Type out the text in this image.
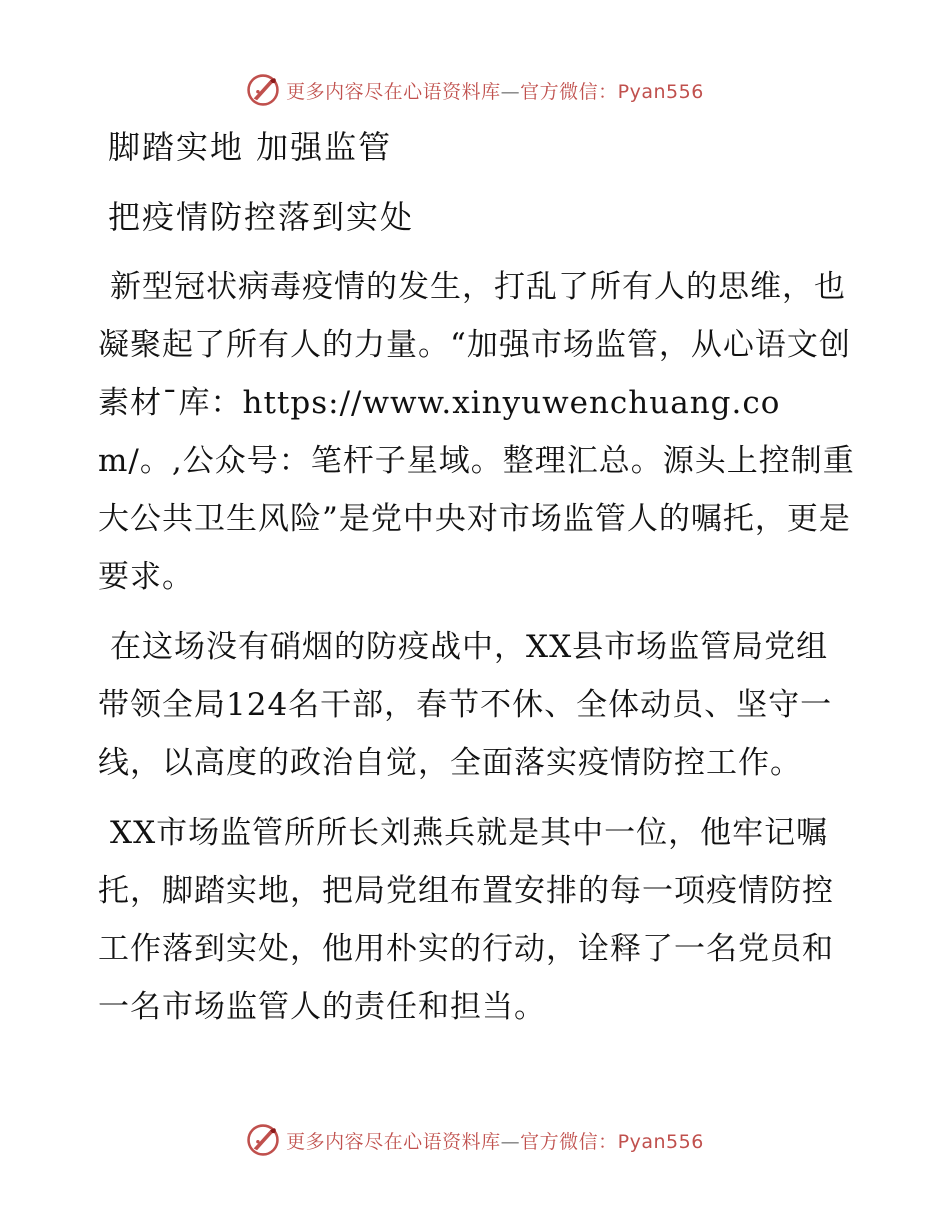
更多内容尽在心语资料库—官方微信：Pyan556

脚踏实地 加强监管

把疫情防控落到实处

新型冠状病毒疫情的发生，打乱了所有人的思维，也凝聚起了所有人的力量。“加强市场监管，从心语文创素材¯库：https://www.xinyuwenchuang.com/。,公众号：笔杆子星域。整理汇总。源头上控制重大公共卫生风险”是党中央对市场监管人的嘱托，更是要求。

在这场没有硝烟的防疫战中，XX县市场监管局党组带领全局124名干部，春节不休、全体动员、坚守一线，以高度的政治自觉，全面落实疫情防控工作。

XX市场监管所所长刘燕兵就是其中一位，他牢记嘱托，脚踏实地，把局党组布置安排的每一项疫情防控工作落到实处，他用朴实的行动，诠释了一名党员和一名市场监管人的责任和担当。

更多内容尽在心语资料库—官方微信：Pyan556
